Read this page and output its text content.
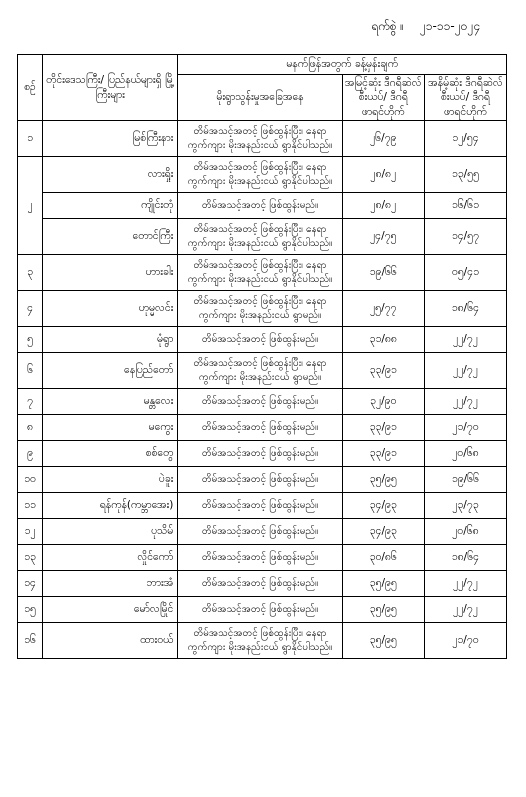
ရက်စွဲ ။ ၂၁-၁၁-၂၀၂၄
စဉ်	တိုင်းဒေသကြီး/ ပြည်နယ်များရှိ မြို့ကြီးများ	မနက်ဖြန်အတွက် ခန့်မှန်းချက်		
		မိုးရွာသွန်းမှုအခြေအနေ	အမြင့်ဆုံး ဒီဂရီဆဲလ်စီးယပ်/ ဒီဂရီဖာရင်ဟိုက်	အနိမ့်ဆုံး ဒီဂရီဆဲလ်စီးယပ်/ ဒီဂရီဖာရင်ဟိုက်
၁	မြစ်ကြီးနား	တိမ်အသင့်အတင့် ဖြစ်ထွန်းပြီး၊ နေရာကွက်ကျား မိုးအနည်းငယ် ရွာနိုင်ပါသည်။	၂၆/၇၉	၁၂/၅၄
၂	လားရှိုး	တိမ်အသင့်အတင့် ဖြစ်ထွန်းပြီး၊ နေရာကွက်ကျား မိုးအနည်းငယ် ရွာနိုင်ပါသည်။	၂၈/၈၂	၁၃/၅၅
	ကျိုင်းတုံ	တိမ်အသင့်အတင့် ဖြစ်ထွန်းမည်။	၂၈/၈၂	၁၆/၆၁
	တောင်ကြီး	တိမ်အသင့်အတင့် ဖြစ်ထွန်းပြီး၊ နေရာကွက်ကျား မိုးအနည်းငယ် ရွာနိုင်ပါသည်။	၂၄/၇၅	၁၄/၅၇
၃	ဟားခါး	တိမ်အသင့်အတင့် ဖြစ်ထွန်းပြီး၊ နေရာကွက်ကျား မိုးအနည်းငယ် ရွာနိုင်ပါသည်။	၁၉/၆၆	၀၅/၄၁
၄	ဟုမ္မလင်း	တိမ်အသင့်အတင့် ဖြစ်ထွန်းပြီး၊ နေရာကွက်ကျား မိုးအနည်းငယ် ရွာမည်။	၂၅/၇၇	၁၈/၆၄
၅	မုံရွာ	တိမ်အသင့်အတင့် ဖြစ်ထွန်းမည်။	၃၁/၈၈	၂၂/၇၂
၆	နေပြည်တော်	တိမ်အသင့်အတင့် ဖြစ်ထွန်းပြီး၊ နေရာကွက်ကျား မိုးအနည်းငယ် ရွာမည်။	၃၃/၉၁	၂၂/၇၂
၇	မန္တလေး	တိမ်အသင့်အတင့် ဖြစ်ထွန်းမည်။	၃၂/၉၀	၂၂/၇၂
၈	မကွေး	တိမ်အသင့်အတင့် ဖြစ်ထွန်းမည်။	၃၃/၉၁	၂၁/၇၀
၉	စစ်တွေ	တိမ်အသင့်အတင့် ဖြစ်ထွန်းမည်။	၃၃/၉၁	၂၀/၆၈
၁၀	ပဲခူး	တိမ်အသင့်အတင့် ဖြစ်ထွန်းမည်။	၃၅/၉၅	၁၉/၆၆
၁၁	ရန်ကုန်(ကမ္ဘာအေး)	တိမ်အသင့်အတင့် ဖြစ်ထွန်းမည်။	၃၄/၉၃	၂၃/၇၃
၁၂	ပုသိမ်	တိမ်အသင့်အတင့် ဖြစ်ထွန်းမည်။	၃၄/၉၃	၂၀/၆၈
၁၃	လှိုင်ကော်	တိမ်အသင့်အတင့် ဖြစ်ထွန်းမည်။	၃၀/၈၆	၁၈/၆၄
၁၄	ဘားအံ	တိမ်အသင့်အတင့် ဖြစ်ထွန်းမည်။	၃၅/၉၅	၂၂/၇၂
၁၅	မော်လမြိုင်	တိမ်အသင့်အတင့် ဖြစ်ထွန်းမည်။	၃၅/၉၅	၂၂/၇၂
၁၆	ထားဝယ်	တိမ်အသင့်အတင့် ဖြစ်ထွန်းပြီး၊ နေရာကွက်ကျား မိုးအနည်းငယ် ရွာနိုင်ပါသည်။	၃၅/၉၅	၂၁/၇၀
